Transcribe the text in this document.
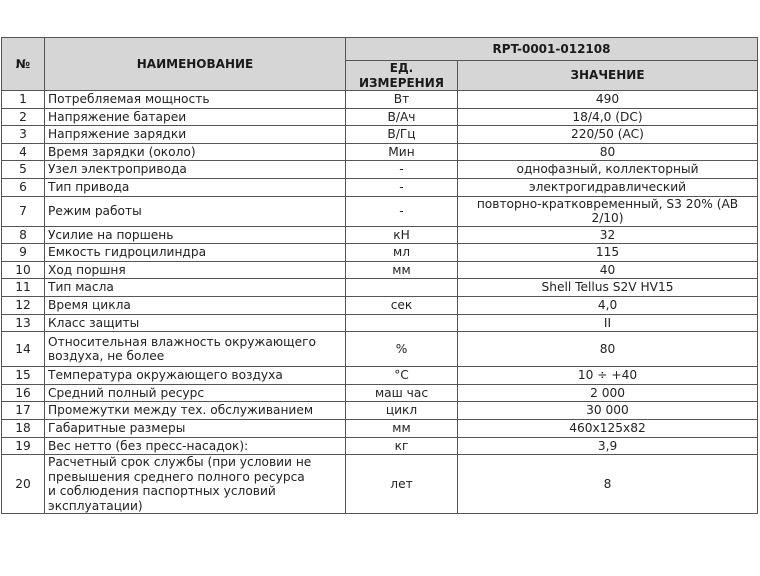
№	НАИМЕНОВАНИЕ	RPT-0001-012108	
		ЕД. ИЗМЕРЕНИЯ	ЗНАЧЕНИЕ
1	Потребляемая мощность	Вт	490
2	Напряжение батареи	В/Ач	18/4,0 (DC)
3	Напряжение зарядки	В/Гц	220/50 (AC)
4	Время зарядки (около)	Мин	80
5	Узел электропривода	-	однофазный, коллекторный
6	Тип привода	-	электрогидравлический
7	Режим работы	-	повторно-кратковременный, S3 20% (АВ 2/10)
8	Усилие на поршень	кН	32
9	Емкость гидроцилиндра	мл	115
10	Ход поршня	мм	40
11	Тип масла		Shell Tellus S2V HV15
12	Время цикла	сек	4,0
13	Класс защиты		II
14	Относительная влажность окружающего
воздуха, не более	%	80
15	Температура окружающего воздуха	°С	10 ÷ +40
16	Средний полный ресурс	маш час	2 000
17	Промежутки между тех. обслуживанием	цикл	30 000
18	Габаритные размеры	мм	460x125x82
19	Вес нетто (без пресс-насадок):	кг	3,9
20	Расчетный срок службы (при условии не
превышения среднего полного ресурса
и соблюдения паспортных условий
эксплуатации)	лет	8
